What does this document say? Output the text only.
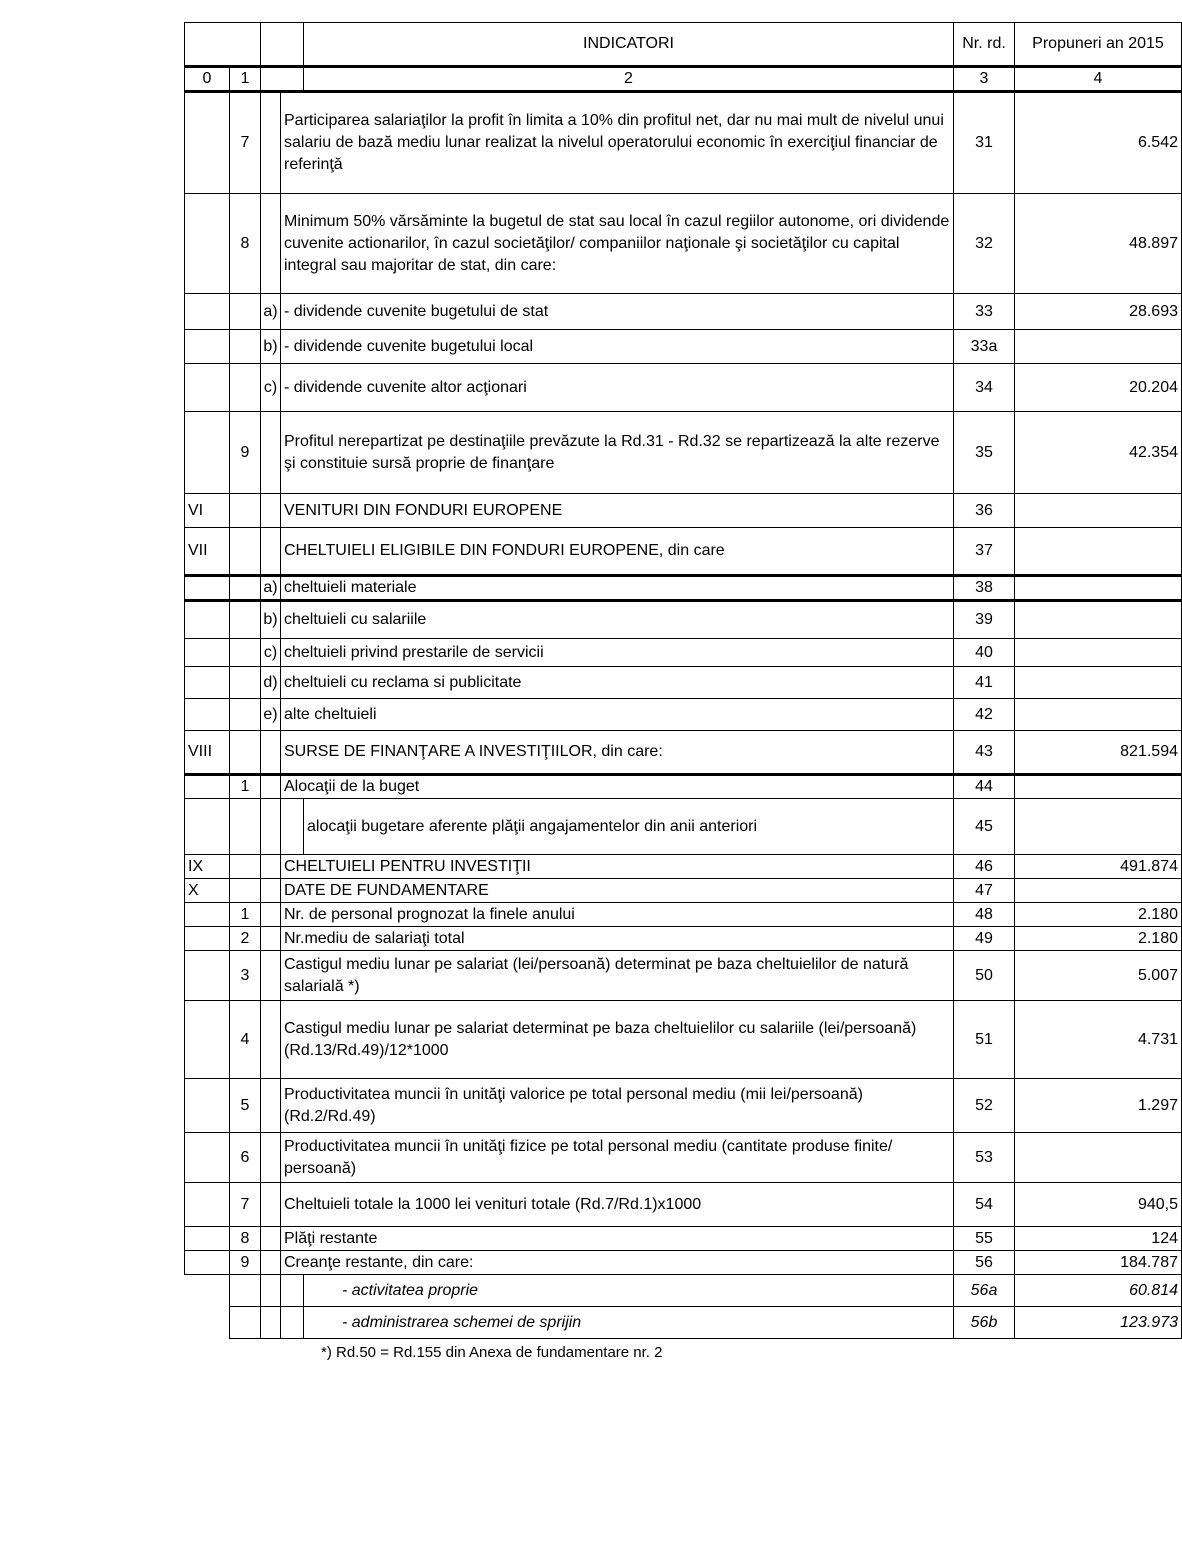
				INDICATORI	Nr. rd.	Propuneri an 2015
0	1			2	3	4
	7		Participarea salariaţilor la profit în limita a 10% din profitul net, dar nu mai mult de nivelul unui salariu de bază mediu lunar realizat la nivelul operatorului economic în exerciţiul financiar de referinţă		31	6.542
	8		Minimum 50% vărsăminte la bugetul de stat sau local în cazul regiilor autonome, ori dividende cuvenite actionarilor, în cazul societăţilor/ companiilor naţionale şi societăţilor cu capital integral sau majoritar de stat, din care:		32	48.897
		a)	- dividende cuvenite bugetului de stat		33	28.693
		b)	- dividende cuvenite bugetului local		33a	
		c)	- dividende cuvenite altor acţionari		34	20.204
	9		Profitul nerepartizat pe destinaţiile prevăzute la Rd.31 - Rd.32 se repartizează la alte rezerve şi constituie sursă proprie de finanţare		35	42.354
VI			VENITURI DIN FONDURI EUROPENE		36	
VII			CHELTUIELI ELIGIBILE DIN FONDURI EUROPENE, din care		37	
		a)	cheltuieli materiale		38	
		b)	cheltuieli cu salariile		39	
		c)	cheltuieli privind prestarile de servicii		40	
		d)	cheltuieli cu reclama si publicitate		41	
		e)	alte cheltuieli		42	
VIII			SURSE DE FINANŢARE A INVESTIŢIILOR, din care:		43	821.594
	1		Alocaţii de la buget		44	
				alocaţii bugetare aferente plăţii angajamentelor din anii anteriori	45	
IX			CHELTUIELI PENTRU INVESTIŢII		46	491.874
X			DATE DE FUNDAMENTARE		47	
	1		Nr. de personal prognozat la finele anului		48	2.180
	2		Nr.mediu de salariaţi total		49	2.180
	3		Castigul mediu lunar pe salariat (lei/persoană) determinat pe baza cheltuielilor de natură salarială *)		50	5.007
	4		Castigul mediu lunar pe salariat determinat pe baza cheltuielilor cu salariile (lei/persoană) (Rd.13/Rd.49)/12*1000		51	4.731
	5		Productivitatea muncii în unităţi valorice pe total personal mediu (mii lei/persoană) (Rd.2/Rd.49)		52	1.297
	6		Productivitatea muncii în unităţi fizice pe total personal mediu (cantitate produse finite/ persoană)		53	
	7		Cheltuieli totale la 1000 lei venituri totale (Rd.7/Rd.1)x1000		54	940,5
	8		Plăţi restante		55	124
	9		Creanţe restante, din care:		56	184.787
				- activitatea proprie	56a	60.814
				- administrarea schemei de sprijin	56b	123.973
*) Rd.50 = Rd.155 din Anexa de fundamentare nr. 2
